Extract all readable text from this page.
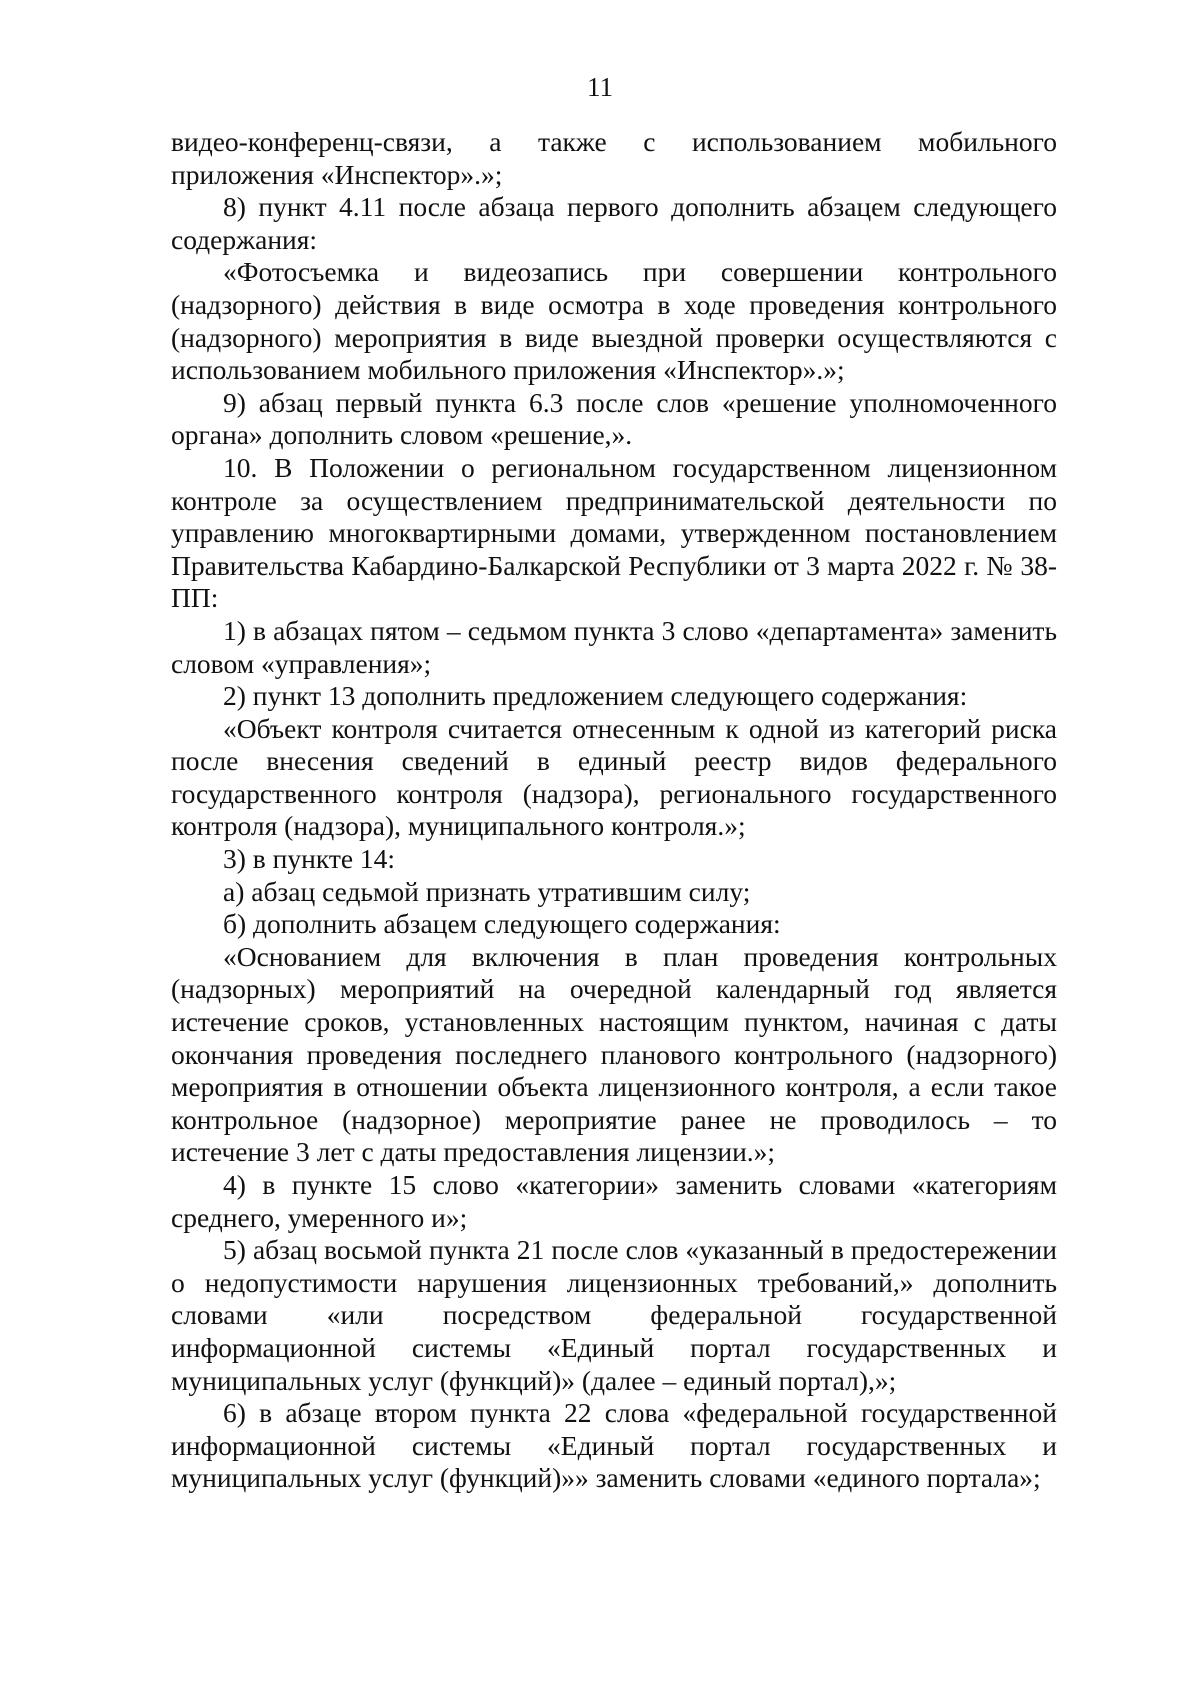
11

видео-конференц-связи, а также с использованием мобильного приложения «Инспектор».»;

8) пункт 4.11 после абзаца первого дополнить абзацем следующего содержания:

«Фотосъемка и видеозапись при совершении контрольного (надзорного) действия в виде осмотра в ходе проведения контрольного (надзорного) мероприятия в виде выездной проверки осуществляются с использованием мобильного приложения «Инспектор».»;

9) абзац первый пункта 6.3 после слов «решение уполномоченного органа» дополнить словом «решение,».

10. В Положении о региональном государственном лицензионном контроле за осуществлением предпринимательской деятельности по управлению многоквартирными домами, утвержденном постановлением Правительства Кабардино-Балкарской Республики от 3 марта 2022 г. № 38-ПП:

1) в абзацах пятом – седьмом пункта 3 слово «департамента» заменить словом «управления»;

2) пункт 13 дополнить предложением следующего содержания:

«Объект контроля считается отнесенным к одной из категорий риска после внесения сведений в единый реестр видов федерального государственного контроля (надзора), регионального государственного контроля (надзора), муниципального контроля.»;

3) в пункте 14:

а) абзац седьмой признать утратившим силу;

б) дополнить абзацем следующего содержания:

«Основанием для включения в план проведения контрольных (надзорных) мероприятий на очередной календарный год является истечение сроков, установленных настоящим пунктом, начиная с даты окончания проведения последнего планового контрольного (надзорного) мероприятия в отношении объекта лицензионного контроля, а если такое контрольное (надзорное) мероприятие ранее не проводилось – то истечение 3 лет с даты предоставления лицензии.»;

4) в пункте 15 слово «категории» заменить словами «категориям среднего, умеренного и»;

5) абзац восьмой пункта 21 после слов «указанный в предостережении о недопустимости нарушения лицензионных требований,» дополнить словами «или посредством федеральной государственной информационной системы «Единый портал государственных и муниципальных услуг (функций)» (далее – единый портал),»;

6) в абзаце втором пункта 22 слова «федеральной государственной информационной системы «Единый портал государственных и муниципальных услуг (функций)»» заменить словами «единого портала»;
